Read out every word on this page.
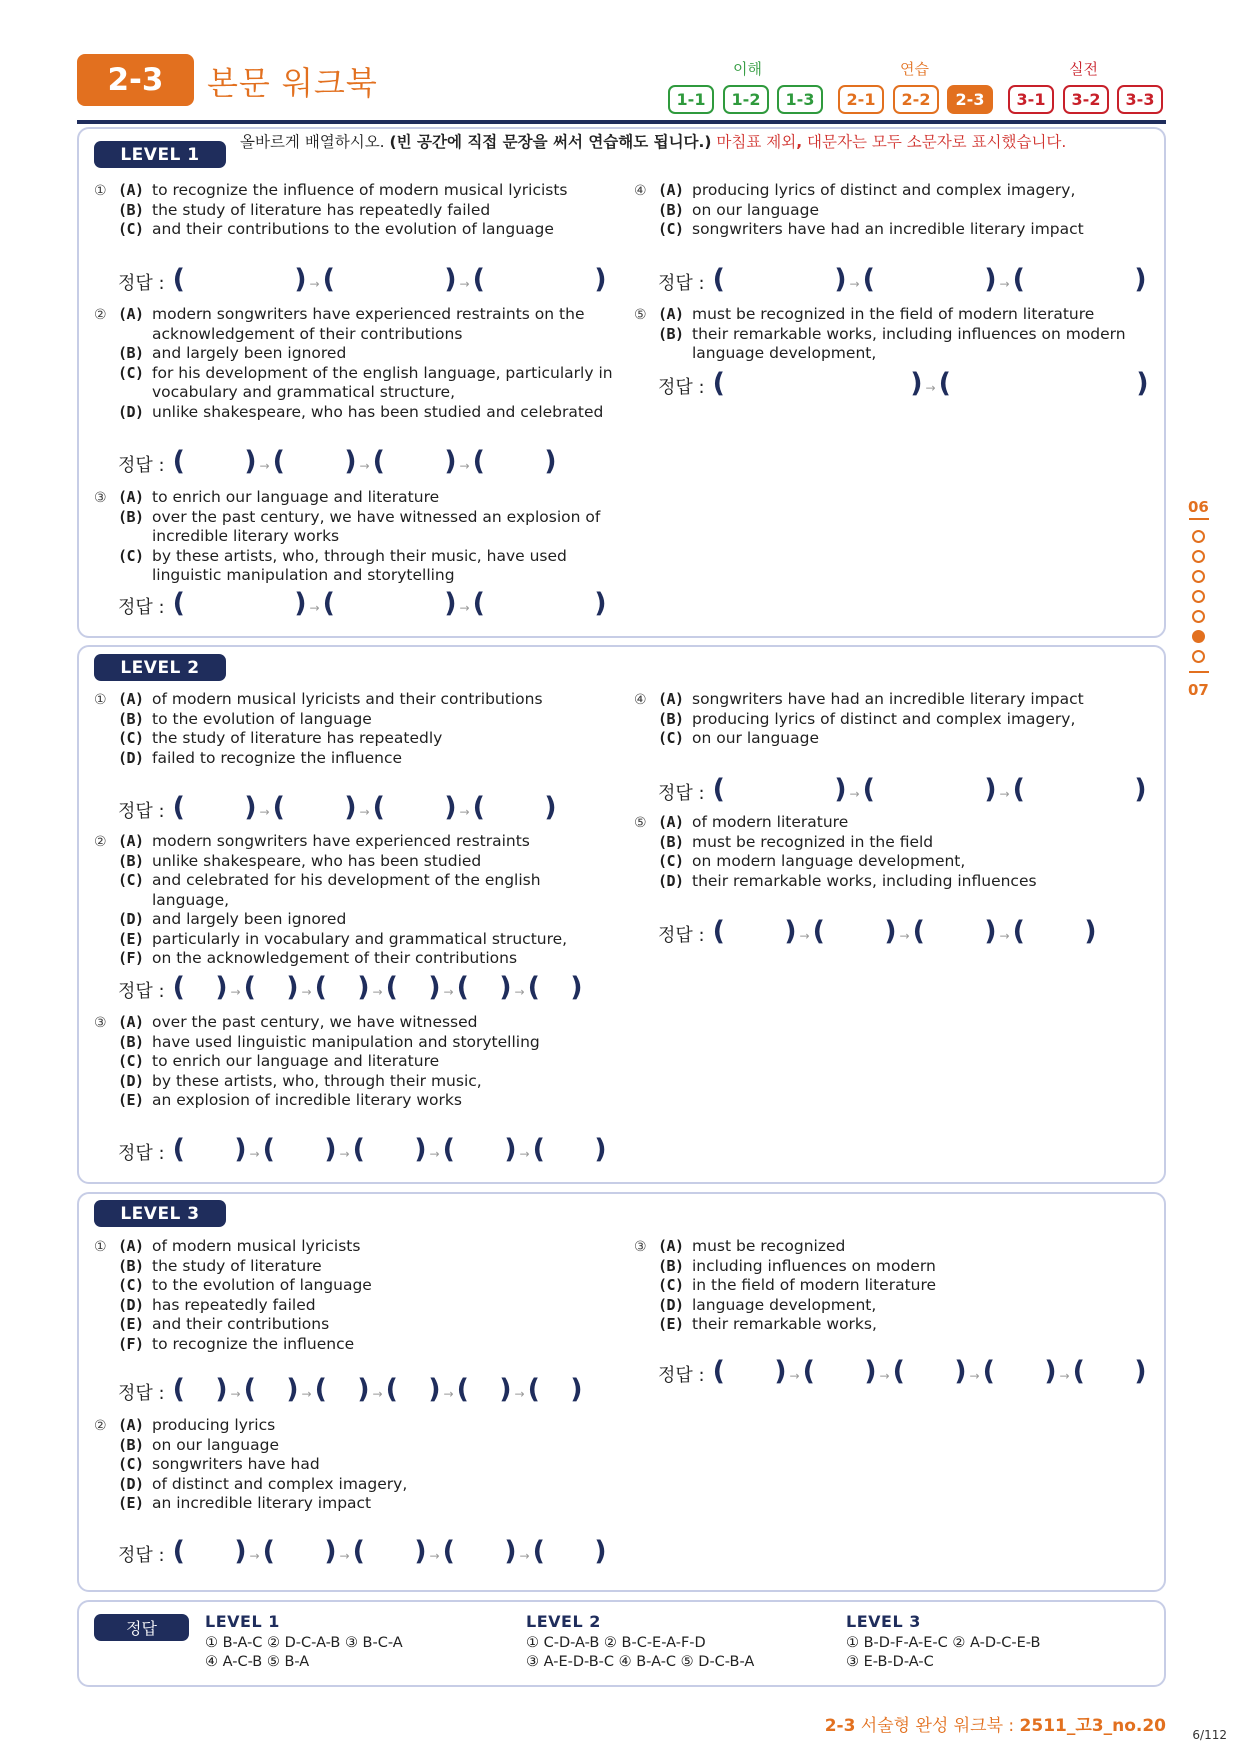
2-3	본문 워크북	이해	연습	실전
1-1	1-2	1-3	2-1	2-2	2-3	3-1	3-2	3-3
LEVEL 1
올바르게 배열하시오. (빈 공간에 직접 문장을 써서 연습해도 됩니다.) 마침표 제외, 대문자는 모두 소문자로 표시했습니다.
① (A) to recognize the influence of modern musical lyricists
(B) the study of literature has repeatedly failed
(C) and their contributions to the evolution of language
정답 : (	) → (	) → (	)
② (A) modern songwriters have experienced restraints on the acknowledgement of their contributions
(B) and largely been ignored
(C) for his development of the english language, particularly in vocabulary and grammatical structure,
(D) unlike shakespeare, who has been studied and celebrated
정답 : ( ) → ( ) → ( ) → ( )
③ (A) to enrich our language and literature
(B) over the past century, we have witnessed an explosion of incredible literary works
(C) by these artists, who, through their music, have used linguistic manipulation and storytelling
정답 : (	) → (	) → (	)
④ (A) producing lyrics of distinct and complex imagery,
(B) on our language
(C) songwriters have had an incredible literary impact
정답 : (	) → (	) → (	)
⑤ (A) must be recognized in the field of modern literature
(B) their remarkable works, including influences on modern language development,
정답 : (	) → (	)
LEVEL 2
① (A) of modern musical lyricists and their contributions
(B) to the evolution of language
(C) the study of literature has repeatedly
(D) failed to recognize the influence
정답 : ( ) → ( ) → ( ) → ( )
② (A) modern songwriters have experienced restraints
(B) unlike shakespeare, who has been studied
(C) and celebrated for his development of the english language,
(D) and largely been ignored
(E) particularly in vocabulary and grammatical structure,
(F) on the acknowledgement of their contributions
정답 : ( ) → ( ) → ( ) → ( ) → ( ) → ( )
③ (A) over the past century, we have witnessed
(B) have used linguistic manipulation and storytelling
(C) to enrich our language and literature
(D) by these artists, who, through their music,
(E) an explosion of incredible literary works
정답 : ( ) → ( ) → ( ) → ( ) → ( )
④ (A) songwriters have had an incredible literary impact
(B) producing lyrics of distinct and complex imagery,
(C) on our language
정답 : (	) → (	) → (	)
⑤ (A) of modern literature
(B) must be recognized in the field
(C) on modern language development,
(D) their remarkable works, including influences
정답 : ( ) → ( ) → ( ) → ( )
LEVEL 3
① (A) of modern musical lyricists
(B) the study of literature
(C) to the evolution of language
(D) has repeatedly failed
(E) and their contributions
(F) to recognize the influence
정답 : ( ) → ( ) → ( ) → ( ) → ( ) → ( )
② (A) producing lyrics
(B) on our language
(C) songwriters have had
(D) of distinct and complex imagery,
(E) an incredible literary impact
정답 : ( ) → ( ) → ( ) → ( ) → ( )
③ (A) must be recognized
(B) including influences on modern
(C) in the field of modern literature
(D) language development,
(E) their remarkable works,
정답 : ( ) → ( ) → ( ) → ( ) → ( )
정답	LEVEL 1
① B-A-C ② D-C-A-B ③ B-C-A
④ A-C-B ⑤ B-A
LEVEL 2
① C-D-A-B ② B-C-E-A-F-D
③ A-E-D-B-C ④ B-A-C ⑤ D-C-B-A
LEVEL 3
① B-D-F-A-E-C ② A-D-C-E-B
③ E-B-D-A-C
06
07
2-3 서술형 완성 워크북 : 2511_고3_no.20 6/112
